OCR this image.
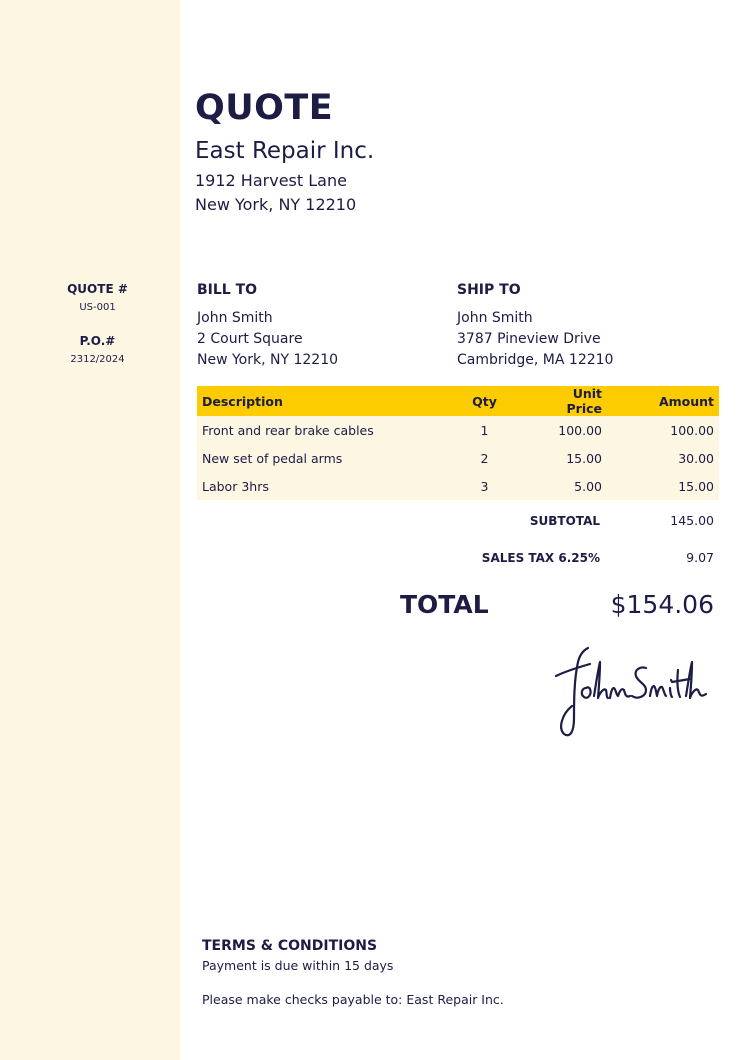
QUOTE #
US-001
P.O.#
2312/2024
QUOTE
East Repair Inc.
1912 Harvest Lane
New York, NY 12210
BILL TO
John Smith
2 Court Square
New York, NY 12210
SHIP TO
John Smith
3787 Pineview Drive
Cambridge, MA 12210
Description	Qty	Unit Price	Amount
Front and rear brake cables	1	100.00	100.00
New set of pedal arms	2	15.00	30.00
Labor 3hrs	3	5.00	15.00
SUBTOTAL	145.00
SALES TAX 6.25%	9.07
TOTAL	$154.06
TERMS & CONDITIONS
Payment is due within 15 days
Please make checks payable to: East Repair Inc.
